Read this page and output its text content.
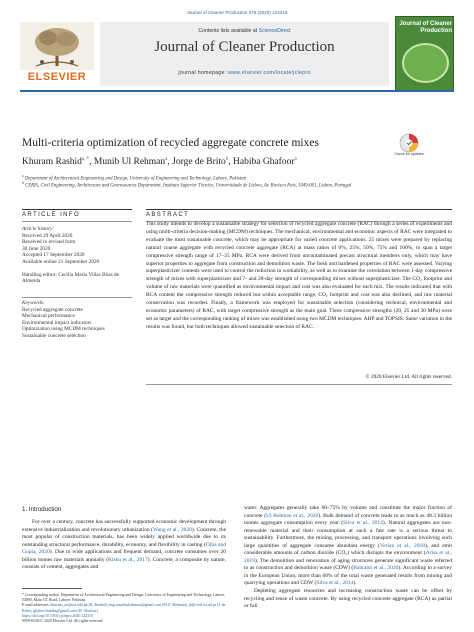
Journal of Cleaner Production 276 (2020) 124316
ELSEVIER
Contents lists available at ScienceDirect
Journal of Cleaner Production
journal homepage: www.elsevier.com/locate/jclepro
Journal of Cleaner Production
Multi-criteria optimization of recycled aggregate concrete mixes
Check for updates
Khuram Rashid$^{a, *}$, Munib Ul Rehman$^a$, Jorge de Brito$^b$, Habiba Ghafoor$^a$
$^a$ Department of Architectural Engineering and Design, University of Engineering and Technology, Lahore, Pakistan
$^b$ CERIS, Civil Engineering, Architecture and Georesources Department, Instituto Superior Técnico, Universidade de Lisboa, Av. Rovisco Pais, 1049-001, Lisbon, Portugal
ARTICLE INFO	ABSTRACT
Article history:
Received 29 April 2020
Received in revised form
30 June 2020
Accepted 17 September 2020
Available online 21 September 2020
Handling editor: Cecilia Maria Villas Bôas de Almeida
Keywords:
Recycled aggregate concrete
Mechanical performance
Environmental impact indicators
Optimization using MCDM techniques
Sustainable concrete selection
This study intends to develop a sustainable strategy for selection of recycled aggregate concrete (RAC) through a series of experiments and using multi-criteria decision-making (MCDM) techniques. The mechanical, environmental and economic aspects of RAC were integrated to evaluate the most sustainable concrete, which may be appropriate for varied concrete applications. 25 mixes were prepared by replacing natural coarse aggregate with recycled concrete aggregate (RCA) at mass ratios of 0%, 25%, 50%, 75% and 100%, to span a target compressive strength range of 17–35 MPa. RCA were derived from uncontaminated precast structural members only, which may have superior properties to aggregate from construction and demolition waste. The fresh and hardened properties of RAC were assessed. Varying superplasticizer contents were used to control the reduction in workability, as well as to examine the correlation between 1-day compressive strength of mixes with superplasticizer and 7- and 28-day strength of corresponding mixes without superplasticizer. The CO₂ footprint and volume of raw materials were quantified as environmental impact and cost was also evaluated for each mix. The results indicated that with RCA content the compressive strength reduced but within acceptable range, CO₂ footprint and cost was also declined, and raw material conservation was recorded. Finally, a framework was employed for sustainable selection (considering technical, environmental and economic parameters) of RAC, with target compressive strength as the main goal. Three compressive strengths (20, 25 and 30 MPa) were set as target and the corresponding ranking of mixes was established using two MCDM techniques: AHP and TOPSIS. Same variation in the results was found, but both techniques allowed sustainable selection of RAC.
© 2020 Elsevier Ltd. All rights reserved.
1. Introduction
For over a century, concrete has successfully supported economic development through extensive industrialization and revolutionary urbanization (Wang et al., 2020). Concrete, the most popular of construction materials, has been widely applied worldwide due to its outstanding structural performance, durability, economy, and flexibility in casting (Ojha and Gupta, 2020). Due to wide applications and frequent demand, concrete consumes over 20 billion tonnes raw materials annually (Kisku et al., 2017). Concrete, a composite by nature, consists of cement, aggregates and
water. Aggregates generally take 60–75% by volume and constitute the major fraction of concrete (Ul Rehman et al., 2020). Bulk demand of concrete leads to as much as 48.3 billion tonnes aggregate consumption every year (Silva et al., 2014). Natural aggregates are non-renewable material and their consumption at such a fast rate is a serious threat to sustainability. Furthermore, the mining, processing, and transport operations involving such large quantities of aggregate consume abundant energy (Verian et al., 2018), and emit considerable amounts of carbon dioxide (CO₂) which disrupts the environment (Arisa et al., 2019). The demolition and renovation of aging structures generate significant waste referred to as construction and demolition waste (CDW) (Bahraini et al., 2020). According to a survey in the European Union, more than 60% of the total waste generated results from mining and quarrying operations and CDW (Silva et al., 2014).
Depleting aggregate resources and increasing construction waste can be offset by recycling and reuse of waste concrete. By using recycled concrete aggregate (RCA) as partial or full
* Corresponding author. Department of Architectural Engineering and Design, University of Engineering and Technology, Lahore, 54890, Main GT Road, Lahore, Pakistan.
E-mail addresses: khuram_ae@uet.edu.pk (K. Rashid), engr.munibulrehman@gmail.com (M.U. Rehman), jb@civil.ist.utl.pt (J. de Brito), ghafoor.habiba@gmail.com (H. Ghafoor).
https://doi.org/10.1016/j.jclepro.2020.124316
0959-6526/© 2020 Elsevier Ltd. All rights reserved.
